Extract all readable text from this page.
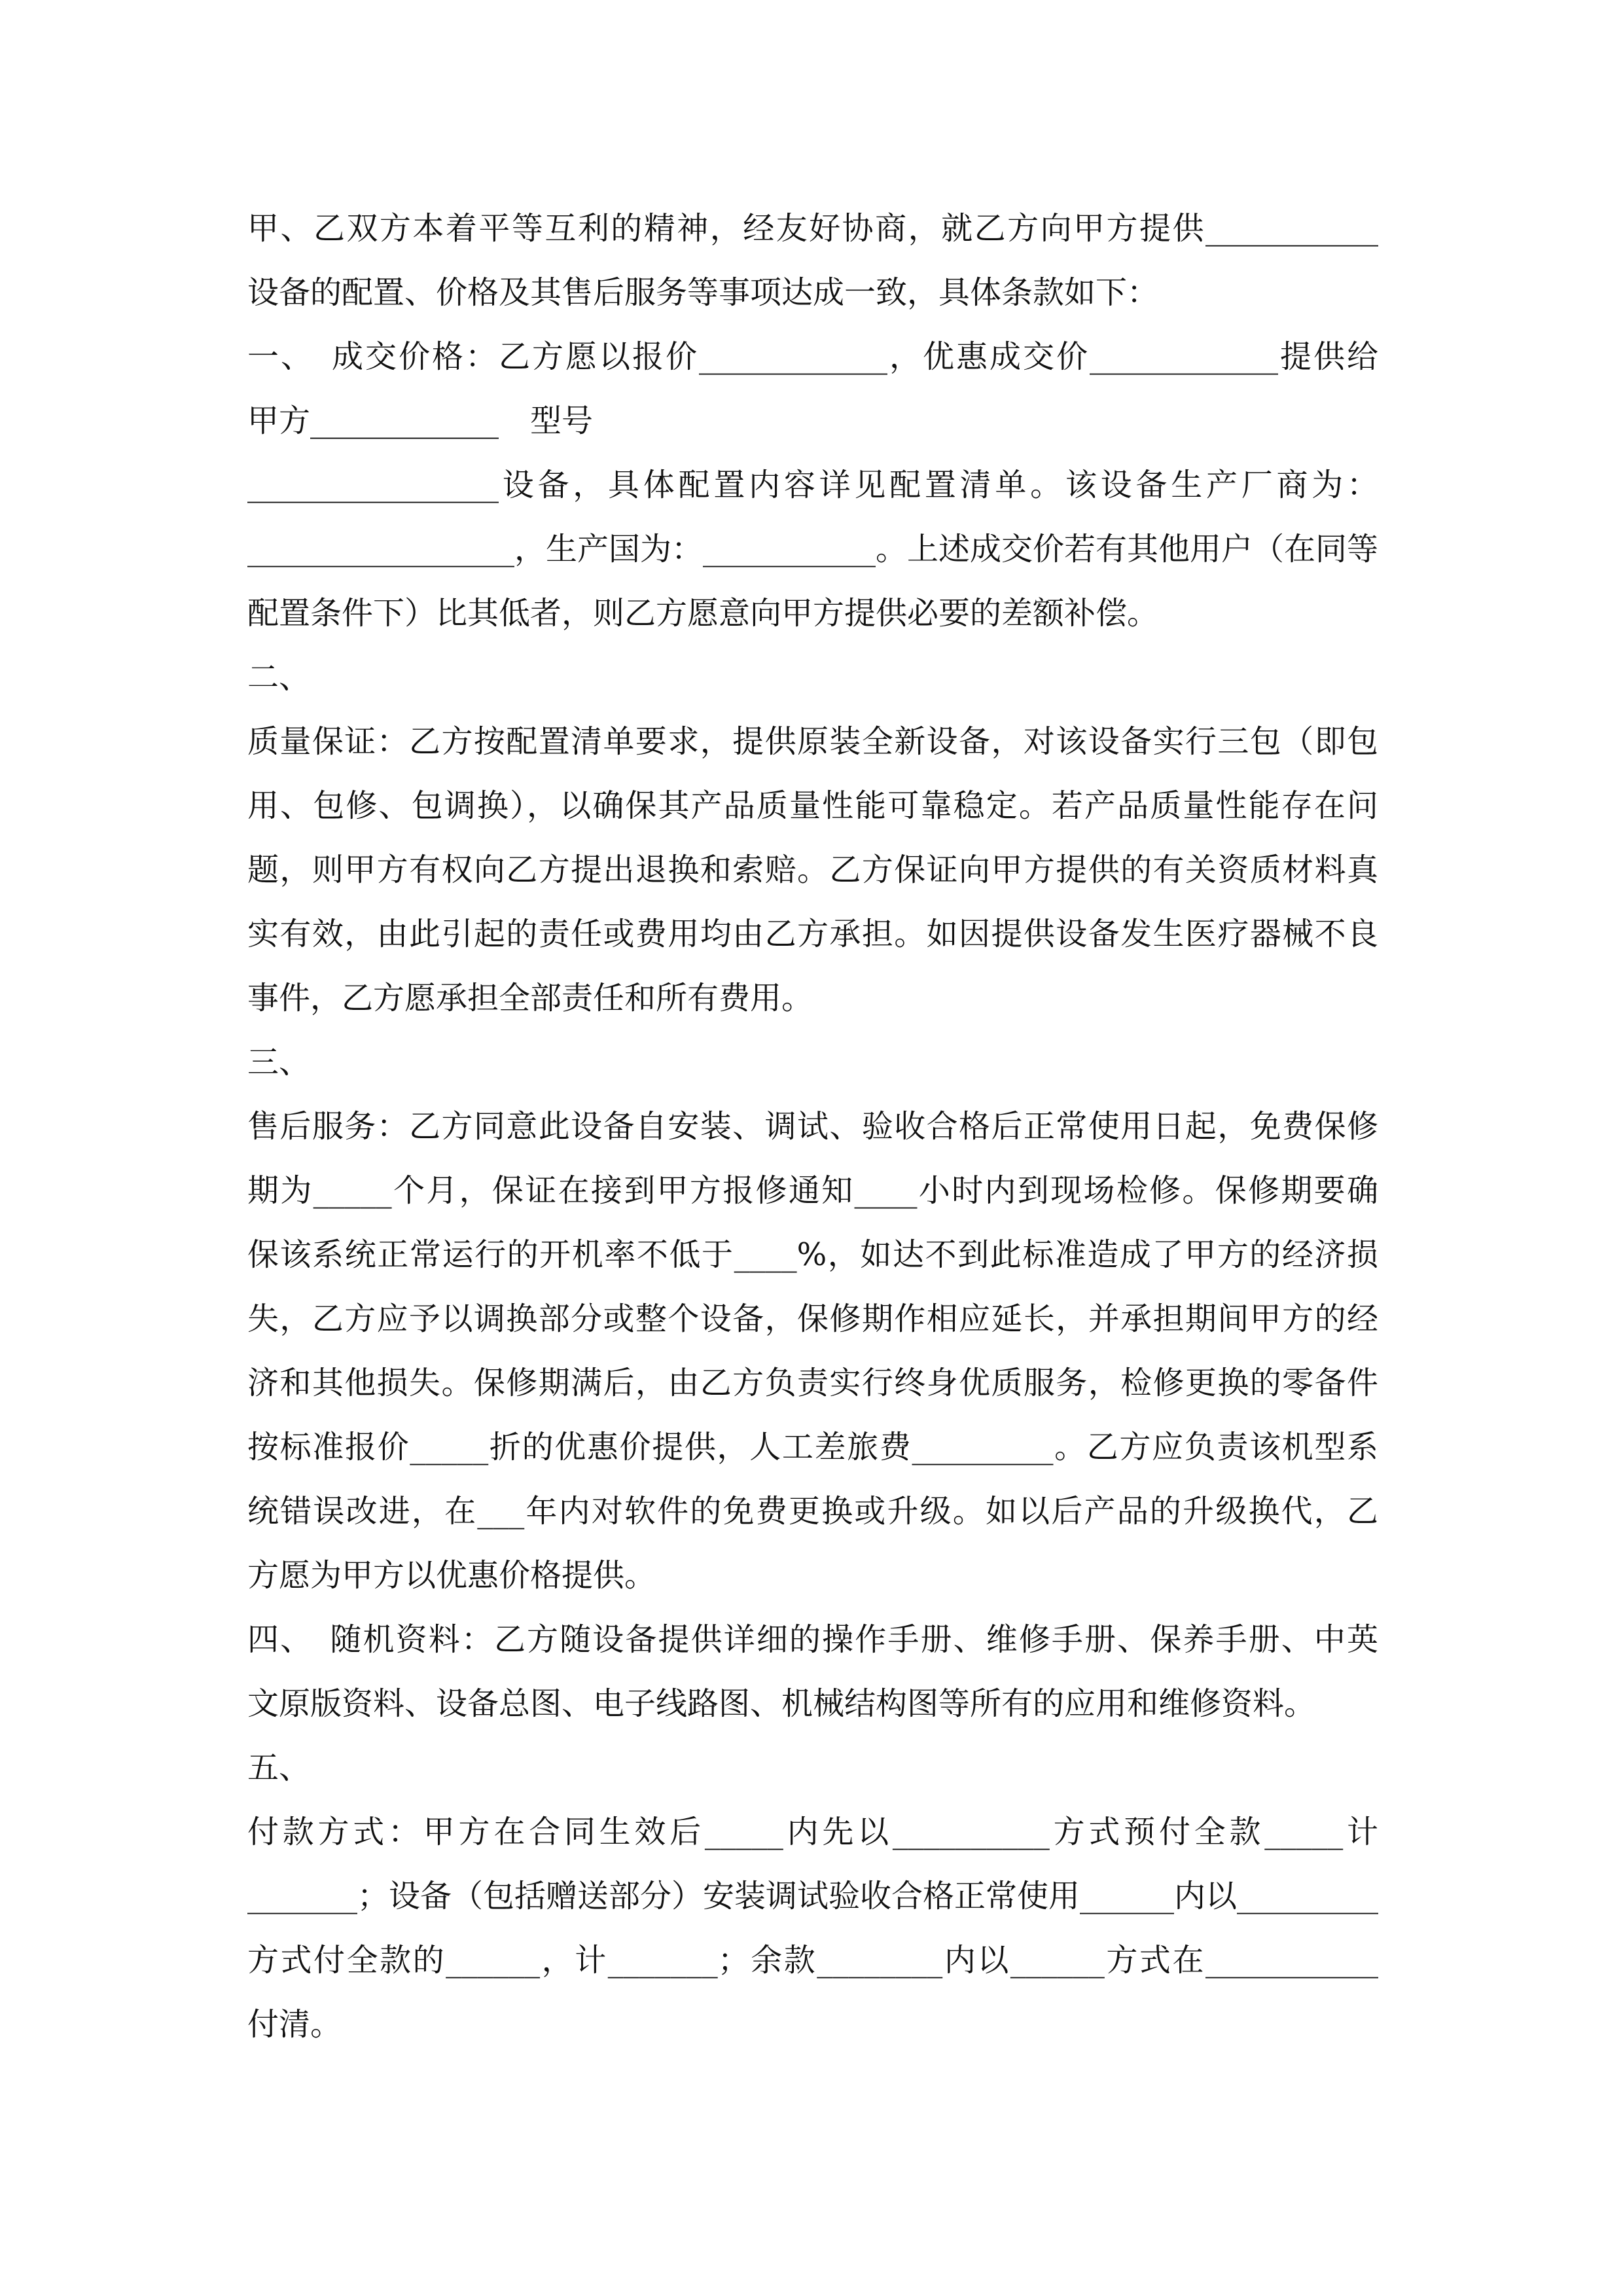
甲、乙双方本着平等互利的精神，经友好协商，就乙方向甲方提供___________
设备的配置、价格及其售后服务等事项达成一致，具体条款如下：
一、　成交价格：乙方愿以报价____________，优惠成交价____________提供给
甲方____________　型号
________________设备，具体配置内容详见配置清单。该设备生产厂商为：
_________________，生产国为：___________。上述成交价若有其他用户（在同等
配置条件下）比其低者，则乙方愿意向甲方提供必要的差额补偿。
二、
质量保证：乙方按配置清单要求，提供原装全新设备，对该设备实行三包（即包
用、包修、包调换），以确保其产品质量性能可靠稳定。若产品质量性能存在问
题，则甲方有权向乙方提出退换和索赔。乙方保证向甲方提供的有关资质材料真
实有效，由此引起的责任或费用均由乙方承担。如因提供设备发生医疗器械不良
事件，乙方愿承担全部责任和所有费用。
三、
售后服务：乙方同意此设备自安装、调试、验收合格后正常使用日起，免费保修
期为_____个月，保证在接到甲方报修通知____小时内到现场检修。保修期要确
保该系统正常运行的开机率不低于____%，如达不到此标准造成了甲方的经济损
失，乙方应予以调换部分或整个设备，保修期作相应延长，并承担期间甲方的经
济和其他损失。保修期满后，由乙方负责实行终身优质服务，检修更换的零备件
按标准报价_____折的优惠价提供，人工差旅费_________。乙方应负责该机型系
统错误改进，在___年内对软件的免费更换或升级。如以后产品的升级换代，乙
方愿为甲方以优惠价格提供。
四、　随机资料：乙方随设备提供详细的操作手册、维修手册、保养手册、中英
文原版资料、设备总图、电子线路图、机械结构图等所有的应用和维修资料。
五、
付款方式：甲方在合同生效后_____内先以__________方式预付全款_____计
_______；设备（包括赠送部分）安装调试验收合格正常使用______内以_________
方式付全款的______，计_______；余款________内以______方式在___________
付清。
